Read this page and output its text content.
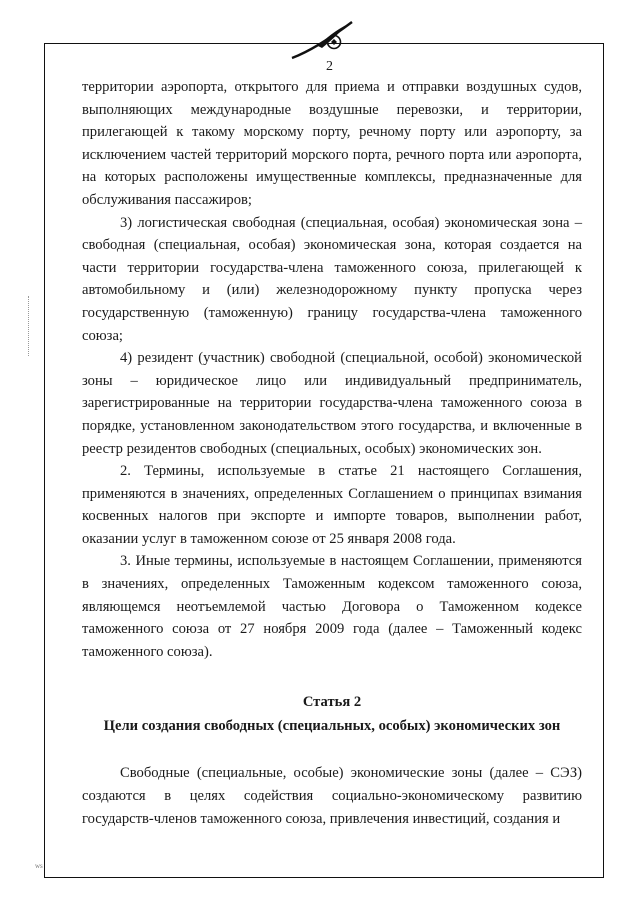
2
ws

территории аэропорта, открытого для приема и отправки воздушных судов, выполняющих международные воздушные перевозки, и территории, прилегающей к такому морскому порту, речному порту или аэропорту, за исключением частей территорий морского порта, речного порта или аэропорта, на которых расположены имущественные комплексы, предназначенные для обслуживания пассажиров;

3) логистическая свободная (специальная, особая) экономическая зона – свободная (специальная, особая) экономическая зона, которая создается на части территории государства-члена таможенного союза, прилегающей к автомобильному и (или) железнодорожному пункту пропуска через государственную (таможенную) границу государства-члена таможенного союза;

4) резидент (участник) свободной (специальной, особой) экономической зоны – юридическое лицо или индивидуальный предприниматель, зарегистрированные на территории государства-члена таможенного союза в порядке, установленном законодательством этого государства, и включенные в реестр резидентов свободных (специальных, особых) экономических зон.

2. Термины, используемые в статье 21 настоящего Соглашения, применяются в значениях, определенных Соглашением о принципах взимания косвенных налогов при экспорте и импорте товаров, выполнении работ, оказании услуг в таможенном союзе от 25 января 2008 года.

3. Иные термины, используемые в настоящем Соглашении, применяются в значениях, определенных Таможенным кодексом таможенного союза, являющемся неотъемлемой частью Договора о Таможенном кодексе таможенного союза от 27 ноября 2009 года (далее – Таможенный кодекс таможенного союза).

Статья 2

Цели создания свободных (специальных, особых) экономических зон

Свободные (специальные, особые) экономические зоны (далее – СЭЗ) создаются в целях содействия социально-экономическому развитию государств-членов таможенного союза, привлечения инвестиций, создания и
